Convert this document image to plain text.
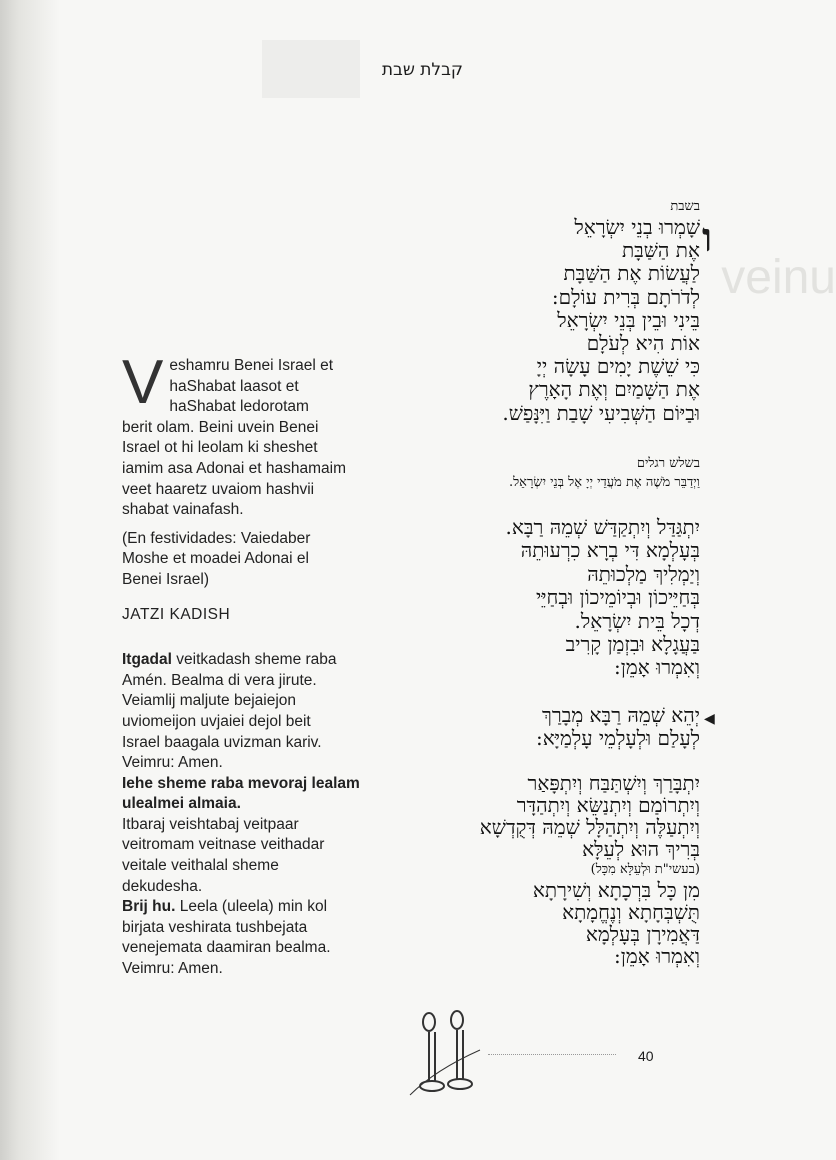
קבלת שבת
veinu
V eshamru Benei Israel et
haShabat laasot et
haShabat ledorotam
berit olam. Beini uvein Benei
Israel ot hi leolam ki sheshet
iamim asa Adonai et hashamaim
veet haaretz uvaiom hashvii
shabat vainafash.

(En festividades: Vaiedaber
Moshe et moadei Adonai el
Benei Israel)

JATZI KADISH
Itgadal veitkadash sheme raba
Amén. Bealma di vera jirute.
Veiamlij maljute bejaiejon
uviomeijon uvjaiei dejol beit
Israel baagala uvizman kariv.
Veimru: Amen.
Iehe sheme raba mevoraj lealam
ulealmei almaia.
Itbaraj veishtabaj veitpaar
veitromam veitnase veithadar
veitale veithalal sheme
dekudesha.
Brij hu. Leela (uleela) min kol
birjata veshirata tushbejata
venejemata daamiran bealma.
Veimru: Amen.
ו
בשבת
שָׁמְרוּ בְנֵי יִשְׂרָאֵל
אֶת הַשַּׁבָּת
לַעֲשׂוֹת אֶת הַשַּׁבָּת
לְדֹרֹתָם בְּרִית עוֹלָם:
בֵּינִי וּבֵין בְּנֵי יִשְׂרָאֵל
אוֹת הִיא לְעֹלָם
כִּי שֵׁשֶׁת יָמִים עָשָׂה יְיָ
אֶת הַשָּׁמַיִם וְאֶת הָאָרֶץ
וּבַיּוֹם הַשְּׁבִיעִי שָׁבַת וַיִּנָּפַשׁ.
בשלש רגלים
וַיְדַבֵּר מֹשֶׁה אֶת מֹעֲדֵי יְיָ אֶל בְּנֵי יִשְׂרָאֵל.
יִתְגַּדַּל וְיִתְקַדַּשׁ שְׁמֵהּ רַבָּא.
בְּעָלְמָא דִּי בְרָא כִרְעוּתֵהּ
וְיַמְלִיךְ מַלְכוּתֵהּ
בְּחַיֵּיכוֹן וּבְיוֹמֵיכוֹן וּבְחַיֵּי
דְכָל בֵּית יִשְׂרָאֵל.
בַּעֲגָלָא וּבִזְמַן קָרִיב
וְאִמְרוּ אָמֵן:
◀
יְהֵא שְׁמֵהּ רַבָּא מְבָרַךְ
לְעָלַם וּלְעָלְמֵי עָלְמַיָּא:
יִתְבָּרַךְ וְיִשְׁתַּבַּח וְיִתְפָּאַר
וְיִתְרוֹמַם וְיִתְנַשֵּׂא וְיִתְהַדָּר
וְיִתְעַלֶּה וְיִתְהַלָּל שְׁמֵהּ דְּקֻדְשָׁא
בְּרִיךְ הוּא לְעֵלָּא
(בעשי"ת וּלְעֵלָּא מִכָּל)
מִן כָּל בִּרְכָתָא וְשִׁירָתָא
תֻּשְׁבְּחָתָא וְנֶחֱמָתָא
דַּאֲמִירָן בְּעָלְמָא
וְאִמְרוּ אָמֵן:
40
